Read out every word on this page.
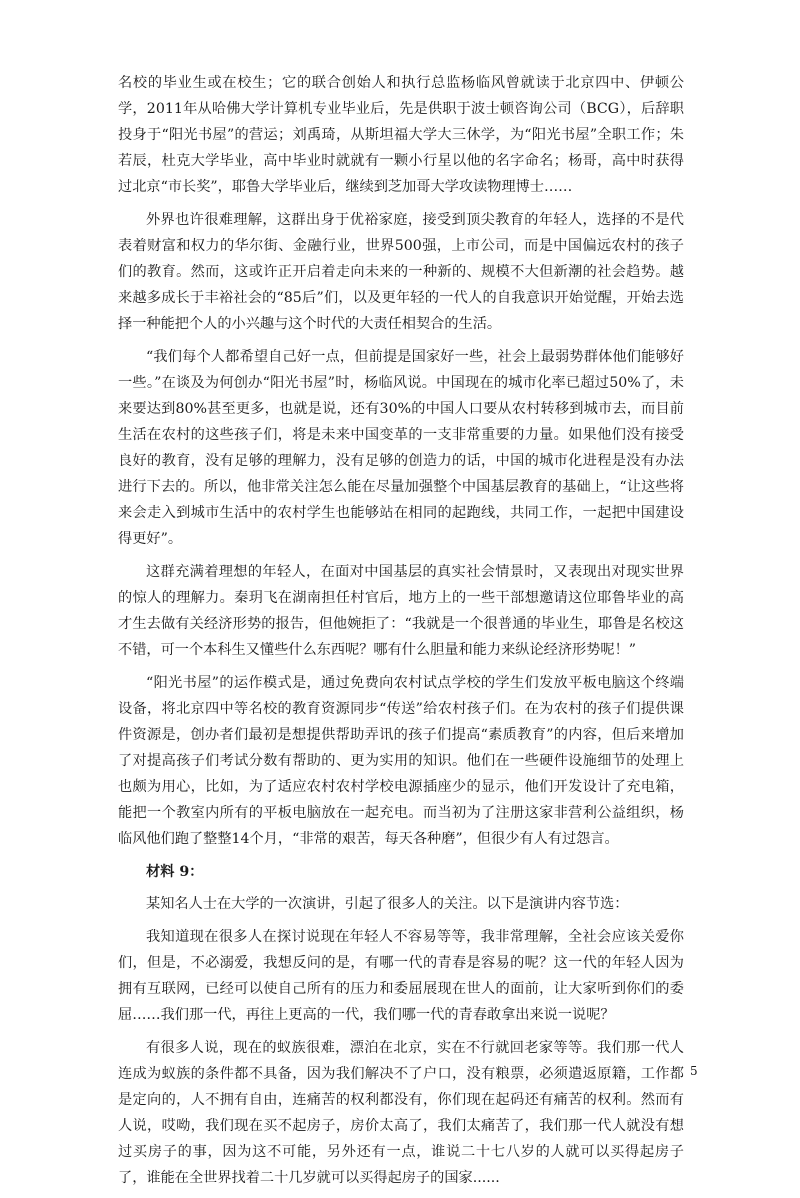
名校的毕业生或在校生；它的联合创始人和执行总监杨临风曾就读于北京四中、伊顿公学，2011年从哈佛大学计算机专业毕业后，先是供职于波士顿咨询公司（BCG），后辞职投身于“阳光书屋”的营运；刘禹琦，从斯坦福大学大三休学，为“阳光书屋”全职工作；朱若辰，杜克大学毕业，高中毕业时就就有一颗小行星以他的名字命名；杨哥，高中时获得过北京“市长奖”，耶鲁大学毕业后，继续到芝加哥大学攻读物理博士……

外界也许很难理解，这群出身于优裕家庭，接受到顶尖教育的年轻人，选择的不是代表着财富和权力的华尔街、金融行业，世界500强，上市公司，而是中国偏远农村的孩子们的教育。然而，这或许正开启着走向未来的一种新的、规模不大但新潮的社会趋势。越来越多成长于丰裕社会的“85后”们，以及更年轻的一代人的自我意识开始觉醒，开始去选择一种能把个人的小兴趣与这个时代的大责任相契合的生活。

“我们每个人都希望自己好一点，但前提是国家好一些，社会上最弱势群体他们能够好一些。”在谈及为何创办“阳光书屋”时，杨临风说。中国现在的城市化率已超过50%了，未来要达到80%甚至更多，也就是说，还有30%的中国人口要从农村转移到城市去，而目前生活在农村的这些孩子们，将是未来中国变革的一支非常重要的力量。如果他们没有接受良好的教育，没有足够的理解力，没有足够的创造力的话，中国的城市化进程是没有办法进行下去的。所以，他非常关注怎么能在尽量加强整个中国基层教育的基础上，“让这些将来会走入到城市生活中的农村学生也能够站在相同的起跑线，共同工作，一起把中国建设得更好”。

这群充满着理想的年轻人，在面对中国基层的真实社会情景时，又表现出对现实世界的惊人的理解力。秦玥飞在湖南担任村官后，地方上的一些干部想邀请这位耶鲁毕业的高才生去做有关经济形势的报告，但他婉拒了：“我就是一个很普通的毕业生，耶鲁是名校这不错，可一个本科生又懂些什么东西呢？哪有什么胆量和能力来纵论经济形势呢！”

“阳光书屋”的运作模式是，通过免费向农村试点学校的学生们发放平板电脑这个终端设备，将北京四中等名校的教育资源同步“传送”给农村孩子们。在为农村的孩子们提供课件资源是，创办者们最初是想提供帮助弄讯的孩子们提高“素质教育”的内容，但后来增加了对提高孩子们考试分数有帮助的、更为实用的知识。他们在一些硬件设施细节的处理上也颇为用心，比如，为了适应农村农村学校电源插座少的显示，他们开发设计了充电箱，能把一个教室内所有的平板电脑放在一起充电。而当初为了注册这家非营利公益组织，杨临风他们跑了整整14个月，“非常的艰苦，每天各种磨”，但很少有人有过怨言。

材料 9：

某知名人士在大学的一次演讲，引起了很多人的关注。以下是演讲内容节选：

我知道现在很多人在探讨说现在年轻人不容易等等，我非常理解，全社会应该关爱你们，但是，不必溺爱，我想反问的是，有哪一代的青春是容易的呢？这一代的年轻人因为拥有互联网，已经可以使自己所有的压力和委屈展现在世人的面前，让大家听到你们的委屈……我们那一代，再往上更高的一代，我们哪一代的青春敢拿出来说一说呢？

有很多人说，现在的蚁族很难，漂泊在北京，实在不行就回老家等等。我们那一代人连成为蚁族的条件都不具备，因为我们解决不了户口，没有粮票，必须遣返原籍，工作都是定向的，人不拥有自由，连痛苦的权利都没有，你们现在起码还有痛苦的权利。然而有人说，哎呦，我们现在买不起房子，房价太高了，我们太痛苦了，我们那一代人就没有想过买房子的事，因为这不可能，另外还有一点，谁说二十七八岁的人就可以买得起房子了，谁能在全世界找着二十几岁就可以买得起房子的国家......

5
